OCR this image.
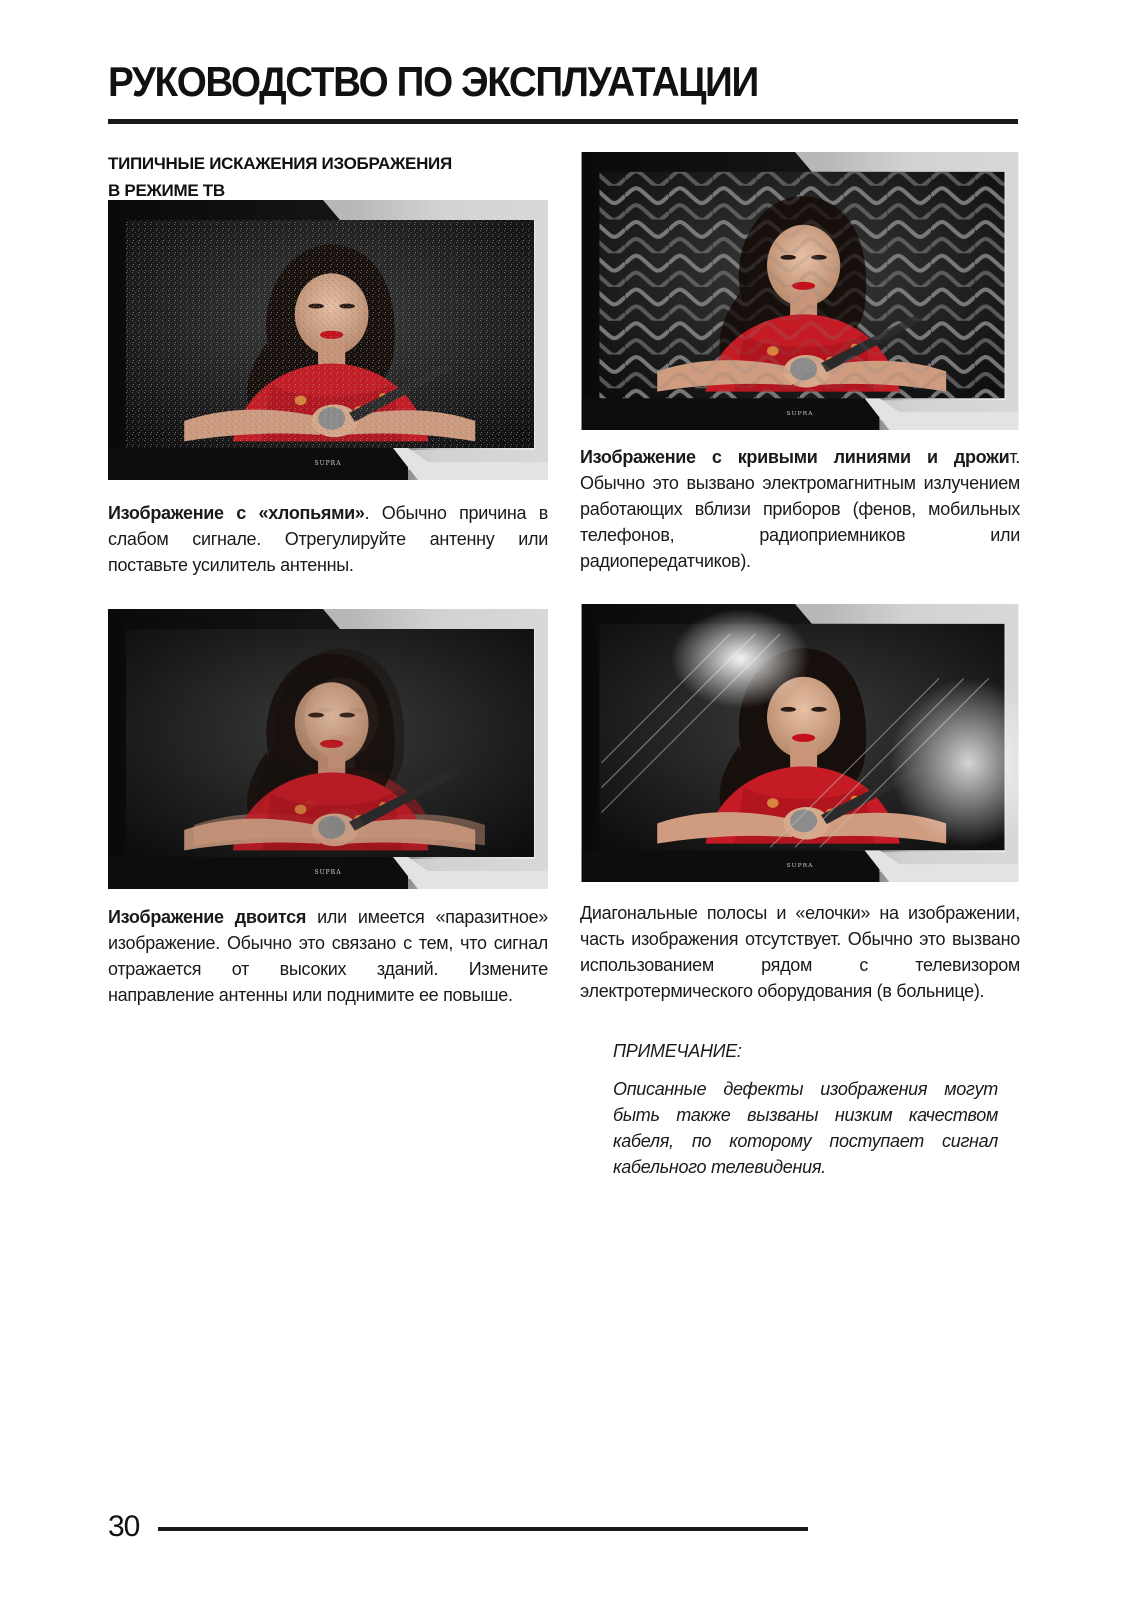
РУКОВОДСТВО ПО ЭКСПЛУАТАЦИИ
ТИПИЧНЫЕ ИСКАЖЕНИЯ ИЗОБРАЖЕНИЯ
В РЕЖИМЕ ТВ
SUPRA
SUPRA
SUPRA
SUPRA
Изображение с «хлопьями». Обычно причина в слабом сигнале. Отрегулируйте антенну или поставьте усилитель антенны.
Изображение с кривыми линиями и дрожит. Обычно это вызвано электромагнитным излучением работающих вблизи приборов (фенов, мобильных телефонов, радиоприемников или радиопередатчиков).
Изображение двоится или имеется «паразитное» изображение. Обычно это связано с тем, что сигнал отражается от высоких зданий. Измените направление антенны или поднимите ее повыше.
Диагональные полосы и «елочки» на изображении, часть изображения отсутствует. Обычно это вызвано использованием рядом с телевизором электротермического оборудования (в больнице).
ПРИМЕЧАНИЕ:
Описанные дефекты изображения могут быть также вызваны низким качеством кабеля, по которому поступает сигнал кабельного телевидения.
30
